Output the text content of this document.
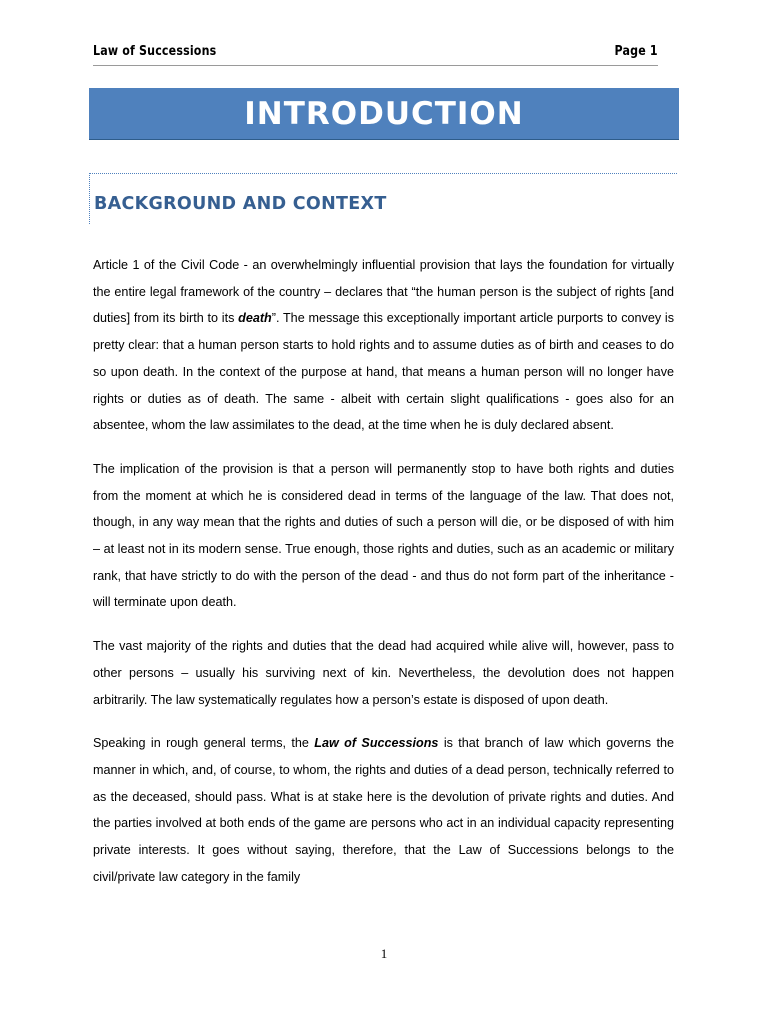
Law of Successions	Page 1
INTRODUCTION
BACKGROUND AND CONTEXT

Article 1 of the Civil Code - an overwhelmingly influential provision that lays the foundation for virtually the entire legal framework of the country – declares that “the human person is the subject of rights [and duties] from its birth to its death”. The message this exceptionally important article purports to convey is pretty clear: that a human person starts to hold rights and to assume duties as of birth and ceases to do so upon death. In the context of the purpose at hand, that means a human person will no longer have rights or duties as of death. The same - albeit with certain slight qualifications - goes also for an absentee, whom the law assimilates to the dead, at the time when he is duly declared absent.

The implication of the provision is that a person will permanently stop to have both rights and duties from the moment at which he is considered dead in terms of the language of the law. That does not, though, in any way mean that the rights and duties of such a person will die, or be disposed of with him – at least not in its modern sense. True enough, those rights and duties, such as an academic or military rank, that have strictly to do with the person of the dead - and thus do not form part of the inheritance - will terminate upon death.

The vast majority of the rights and duties that the dead had acquired while alive will, however, pass to other persons – usually his surviving next of kin. Nevertheless, the devolution does not happen arbitrarily. The law systematically regulates how a person’s estate is disposed of upon death.

Speaking in rough general terms, the Law of Successions is that branch of law which governs the manner in which, and, of course, to whom, the rights and duties of a dead person, technically referred to as the deceased, should pass. What is at stake here is the devolution of private rights and duties. And the parties involved at both ends of the game are persons who act in an individual capacity representing private interests. It goes without saying, therefore, that the Law of Successions belongs to the civil/private law category in the family

1
